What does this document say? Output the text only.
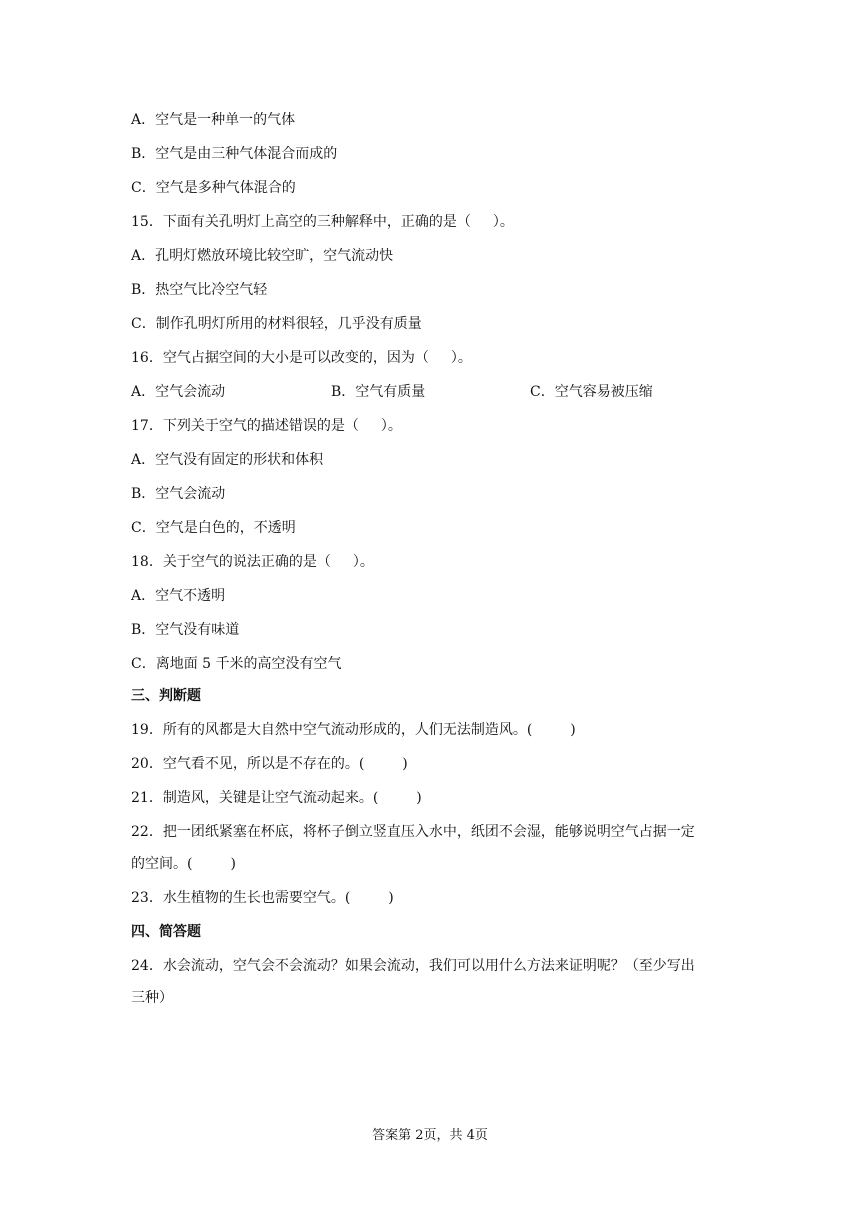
A．空气是一种单一的气体
B．空气是由三种气体混合而成的
C．空气是多种气体混合的
15．下面有关孔明灯上高空的三种解释中，正确的是（ ）。
A．孔明灯燃放环境比较空旷，空气流动快
B．热空气比冷空气轻
C．制作孔明灯所用的材料很轻，几乎没有质量
16．空气占据空间的大小是可以改变的，因为（ ）。
A．空气会流动	B．空气有质量	C．空气容易被压缩
17．下列关于空气的描述错误的是（ ）。
A．空气没有固定的形状和体积
B．空气会流动
C．空气是白色的，不透明
18．关于空气的说法正确的是（ ）。
A．空气不透明
B．空气没有味道
C．离地面 5 千米的高空没有空气
三、判断题
19．所有的风都是大自然中空气流动形成的，人们无法制造风。(	)
20．空气看不见，所以是不存在的。(	)
21．制造风，关键是让空气流动起来。(	)
22．把一团纸紧塞在杯底，将杯子倒立竖直压入水中，纸团不会湿，能够说明空气占据一定
的空间。(	)
23．水生植物的生长也需要空气。(	)
四、简答题
24．水会流动，空气会不会流动？如果会流动，我们可以用什么方法来证明呢？（至少写出
三种）
答案第 2页，共 4页
